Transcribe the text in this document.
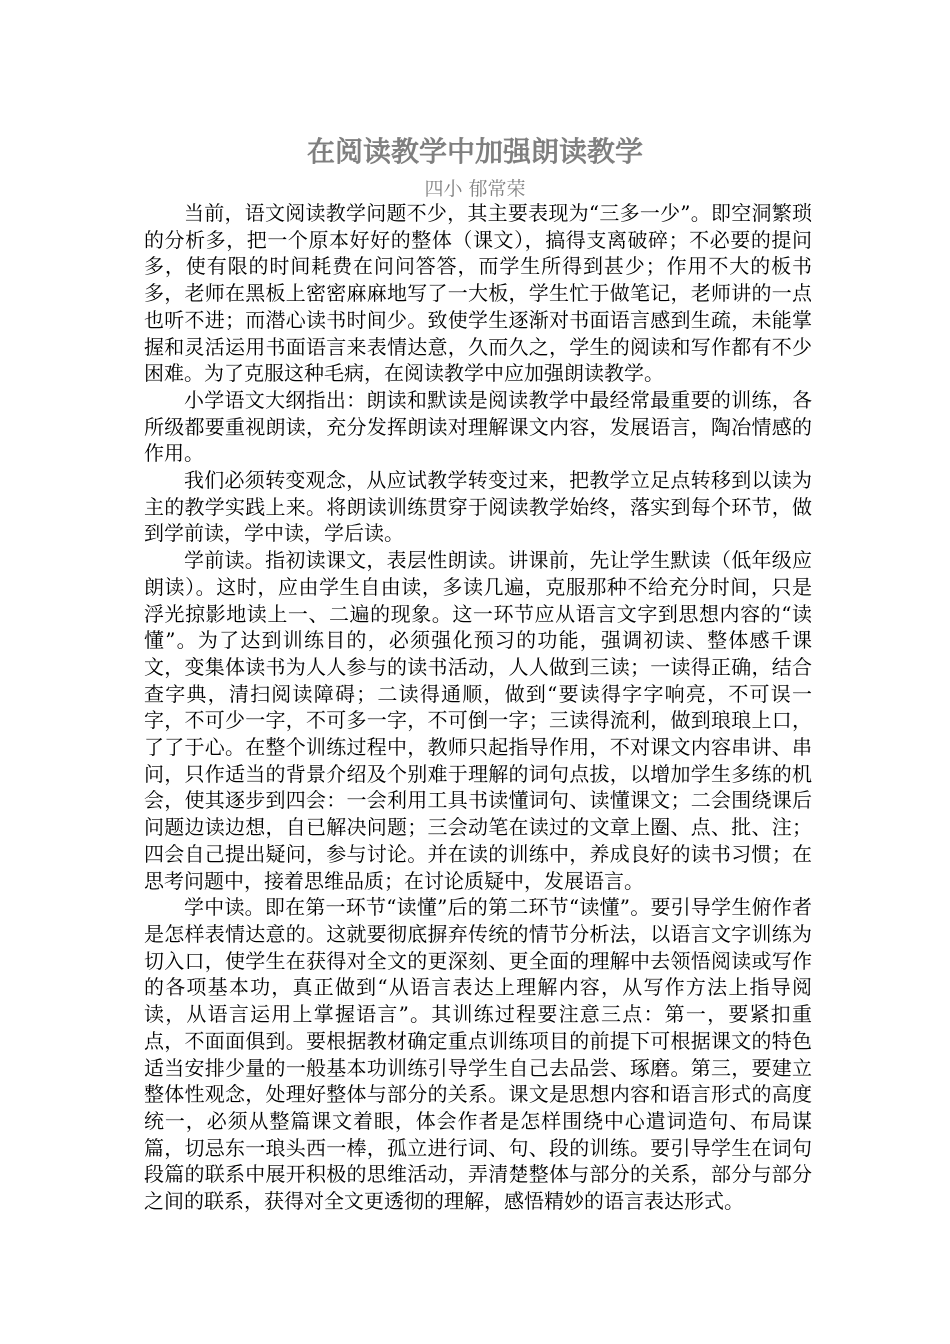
在阅读教学中加强朗读教学

四小 郁常荣

当前，语文阅读教学问题不少，其主要表现为“三多一少”。即空洞繁琐的分析多，把一个原本好好的整体（课文），搞得支离破碎；不必要的提问多，使有限的时间耗费在问问答答，而学生所得到甚少；作用不大的板书多，老师在黑板上密密麻麻地写了一大板，学生忙于做笔记，老师讲的一点也听不进；而潜心读书时间少。致使学生逐渐对书面语言感到生疏，未能掌握和灵活运用书面语言来表情达意，久而久之，学生的阅读和写作都有不少困难。为了克服这种毛病，在阅读教学中应加强朗读教学。

小学语文大纲指出：朗读和默读是阅读教学中最经常最重要的训练，各所级都要重视朗读，充分发挥朗读对理解课文内容，发展语言，陶冶情感的作用。

我们必须转变观念，从应试教学转变过来，把教学立足点转移到以读为主的教学实践上来。将朗读训练贯穿于阅读教学始终，落实到每个环节，做到学前读，学中读，学后读。

学前读。指初读课文，表层性朗读。讲课前，先让学生默读（低年级应朗读）。这时，应由学生自由读，多读几遍，克服那种不给充分时间，只是浮光掠影地读上一、二遍的现象。这一环节应从语言文字到思想内容的“读懂”。为了达到训练目的，必须强化预习的功能，强调初读、整体感千课文，变集体读书为人人参与的读书活动，人人做到三读；一读得正确，结合查字典，清扫阅读障碍；二读得通顺，做到“要读得字字响亮，不可误一字，不可少一字，不可多一字，不可倒一字；三读得流利，做到琅琅上口，了了于心。在整个训练过程中，教师只起指导作用，不对课文内容串讲、串问，只作适当的背景介绍及个别难于理解的词句点拔，以增加学生多练的机会，使其逐步到四会：一会利用工具书读懂词句、读懂课文；二会围绕课后问题边读边想，自已解决问题；三会动笔在读过的文章上圈、点、批、注；四会自己提出疑问，参与讨论。并在读的训练中，养成良好的读书习惯；在思考问题中，接着思维品质；在讨论质疑中，发展语言。

学中读。即在第一环节“读懂”后的第二环节“读懂”。要引导学生俯作者是怎样表情达意的。这就要彻底摒弃传统的情节分析法，以语言文字训练为切入口，使学生在获得对全文的更深刻、更全面的理解中去领悟阅读或写作的各项基本功，真正做到“从语言表达上理解内容，从写作方法上指导阅读，从语言运用上掌握语言”。其训练过程要注意三点：第一，要紧扣重点，不面面俱到。要根据教材确定重点训练项目的前提下可根据课文的特色适当安排少量的一般基本功训练引导学生自己去品尝、琢磨。第三，要建立整体性观念，处理好整体与部分的关系。课文是思想内容和语言形式的高度统一，必须从整篇课文着眼，体会作者是怎样围绕中心遣词造句、布局谋篇，切忌东一琅头西一棒，孤立进行词、句、段的训练。要引导学生在词句段篇的联系中展开积极的思维活动，弄清楚整体与部分的关系，部分与部分之间的联系，获得对全文更透彻的理解，感悟精妙的语言表达形式。
